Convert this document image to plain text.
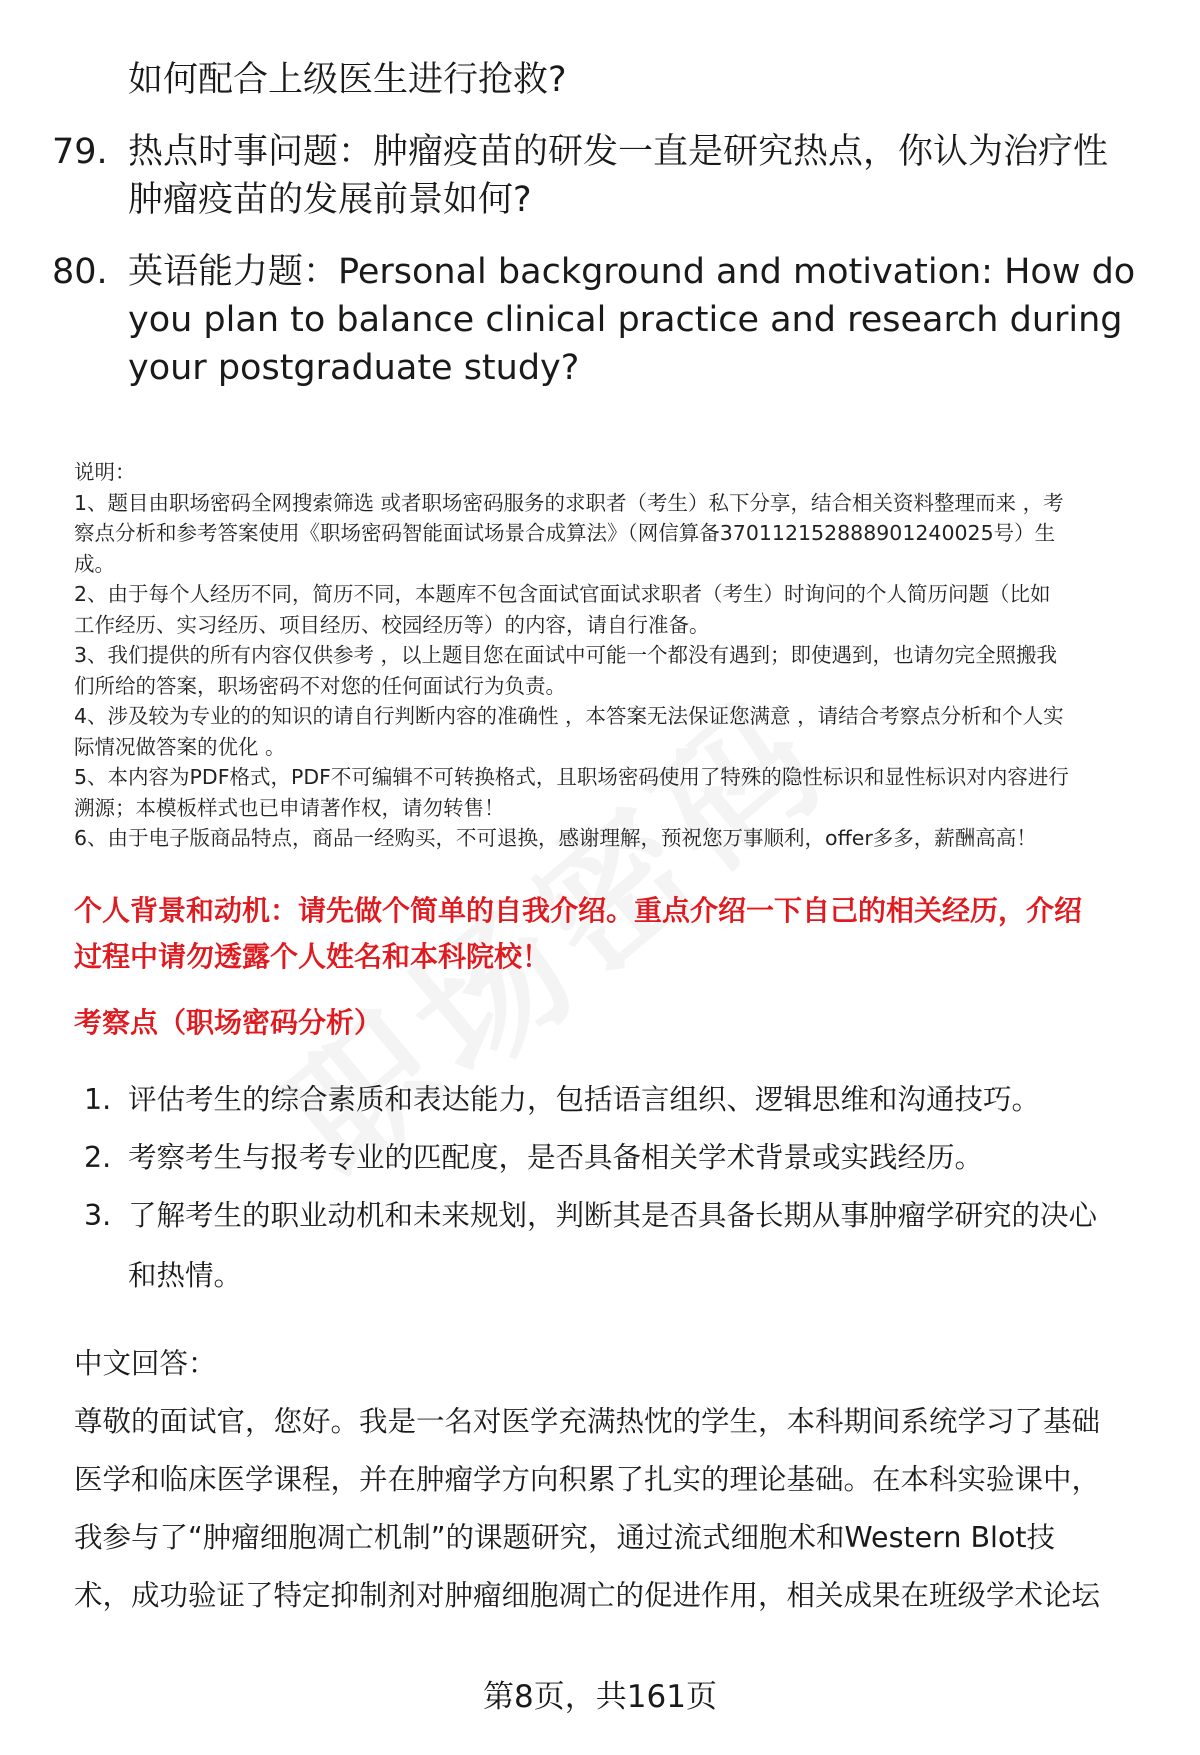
如何配合上级医生进行抢救?
79. 热点时事问题：肿瘤疫苗的研发一直是研究热点，你认为治疗性
肿瘤疫苗的发展前景如何?
80. 英语能力题：Personal background and motivation: How do
you plan to balance clinical practice and research during
your postgraduate study?
说明：
1、题目由职场密码全网搜索筛选 或者职场密码服务的求职者（考生）私下分享，结合相关资料整理而来 ，考
察点分析和参考答案使用《职场密码智能面试场景合成算法》（网信算备370112152888901240025号）生
成。
2、由于每个人经历不同，简历不同，本题库不包含面试官面试求职者（考生）时询问的个人简历问题（比如
工作经历、实习经历、项目经历、校园经历等）的内容，请自行准备。
3、我们提供的所有内容仅供参考 ，以上题目您在面试中可能一个都没有遇到；即使遇到，也请勿完全照搬我
们所给的答案，职场密码不对您的任何面试行为负责。
4、涉及较为专业的的知识的请自行判断内容的准确性 ，本答案无法保证您满意 ，请结合考察点分析和个人实
际情况做答案的优化 。
5、本内容为PDF格式，PDF不可编辑不可转换格式，且职场密码使用了特殊的隐性标识和显性标识对内容进行
溯源；本模板样式也已申请著作权，请勿转售！
6、由于电子版商品特点，商品一经购买，不可退换，感谢理解，预祝您万事顺利，offer多多，薪酬高高！
个人背景和动机：请先做个简单的自我介绍。重点介绍一下自己的相关经历，介绍
过程中请勿透露个人姓名和本科院校！
考察点（职场密码分析）
1. 评估考生的综合素质和表达能力，包括语言组织、逻辑思维和沟通技巧。
2. 考察考生与报考专业的匹配度，是否具备相关学术背景或实践经历。
3. 了解考生的职业动机和未来规划，判断其是否具备长期从事肿瘤学研究的决心
和热情。
中文回答：
尊敬的面试官，您好。我是一名对医学充满热忱的学生，本科期间系统学习了基础
医学和临床医学课程，并在肿瘤学方向积累了扎实的理论基础。在本科实验课中，
我参与了“肿瘤细胞凋亡机制”的课题研究，通过流式细胞术和Western Blot技
术，成功验证了特定抑制剂对肿瘤细胞凋亡的促进作用，相关成果在班级学术论坛
第8页，共161页
